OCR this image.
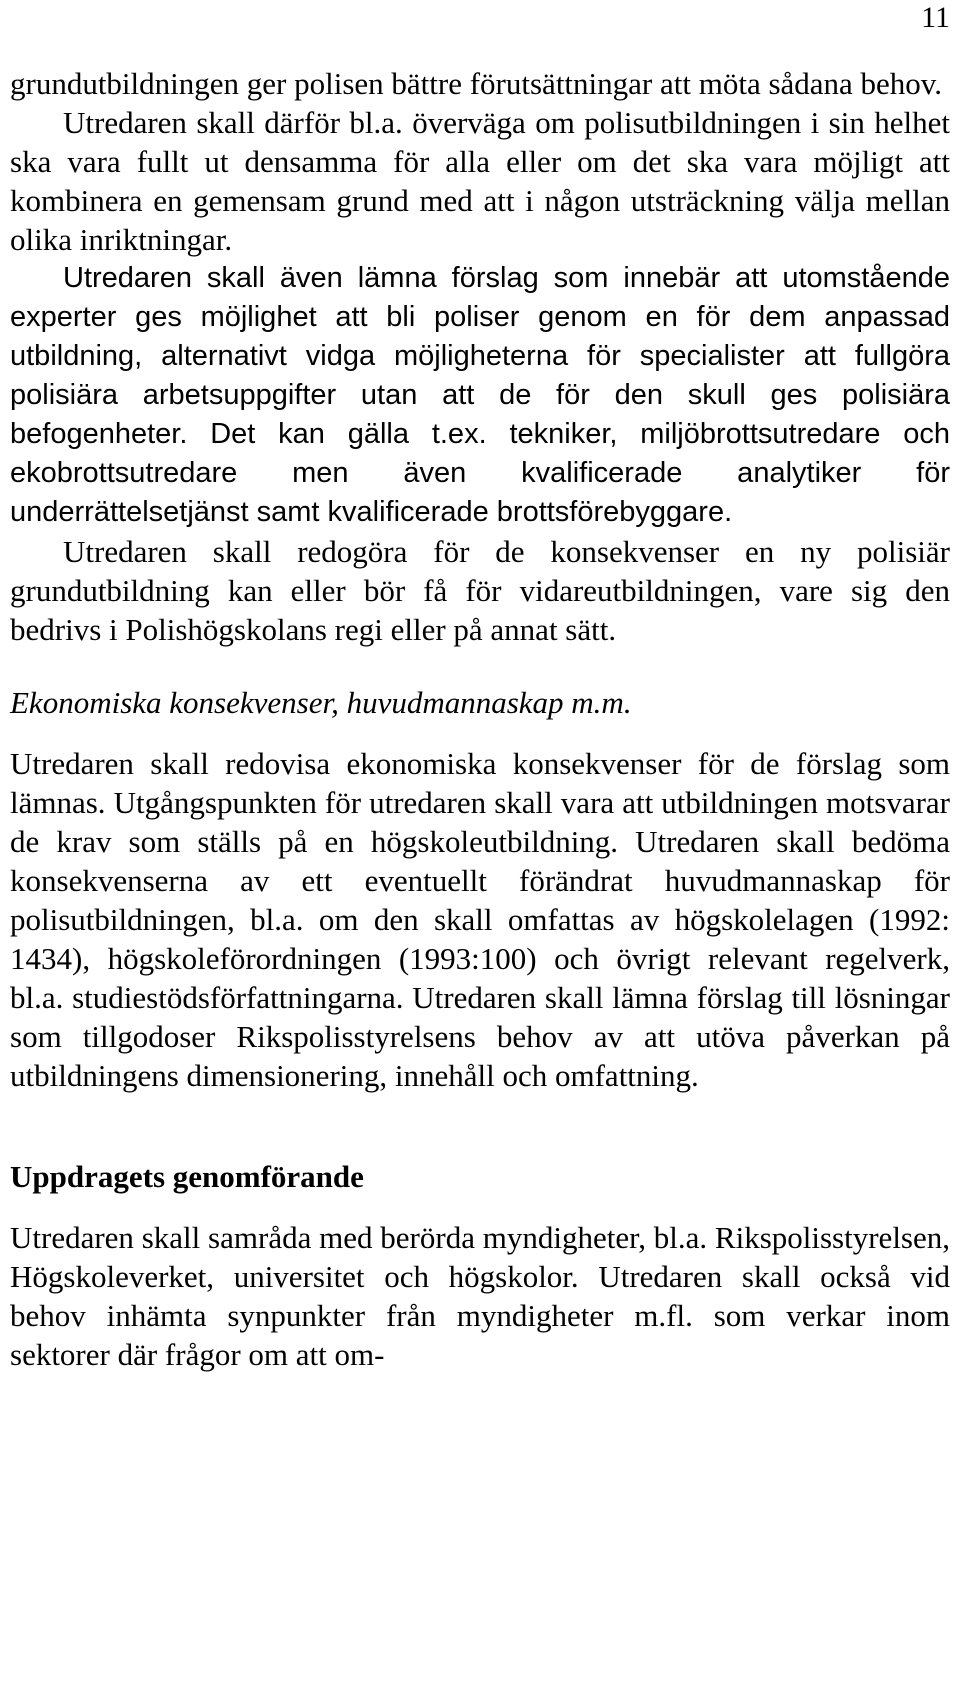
11

grundutbildningen ger polisen bättre förutsättningar att möta sådana behov.

Utredaren skall därför bl.a. överväga om polisutbildningen i sin helhet ska vara fullt ut densamma för alla eller om det ska vara möjligt att kombinera en gemensam grund med att i någon utsträckning välja mellan olika inriktningar.

Utredaren skall även lämna förslag som innebär att utomstående experter ges möjlighet att bli poliser genom en för dem anpassad utbildning, alternativt vidga möjligheterna för specialister att fullgöra polisiära arbetsuppgifter utan att de för den skull ges polisiära befogenheter. Det kan gälla t.ex. tekniker, miljöbrottsutredare och ekobrottsutredare men även kvalificerade analytiker för underrättelsetjänst samt kvalificerade brottsförebyggare.

Utredaren skall redogöra för de konsekvenser en ny polisiär grundutbildning kan eller bör få för vidareutbildningen, vare sig den bedrivs i Polishögskolans regi eller på annat sätt.

Ekonomiska konsekvenser, huvudmannaskap m.m.

Utredaren skall redovisa ekonomiska konsekvenser för de förslag som lämnas. Utgångspunkten för utredaren skall vara att utbildningen motsvarar de krav som ställs på en högskoleutbildning. Utredaren skall bedöma konsekvenserna av ett eventuellt förändrat huvudmannaskap för polisutbildningen, bl.a. om den skall omfattas av högskolelagen (1992: 1434), högskoleförordningen (1993:100) och övrigt relevant regelverk, bl.a. studiestödsförfattningarna. Utredaren skall lämna förslag till lösningar som tillgodoser Rikspolisstyrelsens behov av att utöva påverkan på utbildningens dimensionering, innehåll och omfattning.

Uppdragets genomförande

Utredaren skall samråda med berörda myndigheter, bl.a. Rikspolisstyrelsen, Högskoleverket, universitet och högskolor. Utredaren skall också vid behov inhämta synpunkter från myndigheter m.fl. som verkar inom sektorer där frågor om att om-
